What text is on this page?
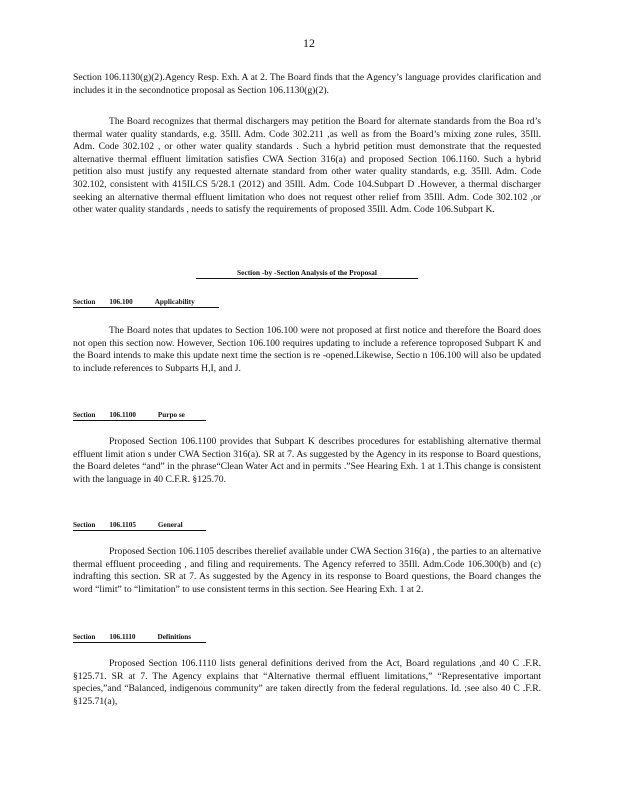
12

Section 106.1130(g)(2).Agency Resp. Exh. A at 2. The Board finds that the Agency’s language provides clarification and includes it in the secondnotice proposal as Section 106.1130(g)(2).

The Board recognizes that thermal dischargers may petition the Board for alternate standards from the Boa rd’s thermal water quality standards, e.g. 35Ill. Adm. Code 302.211 ,as well as from the Board’s mixing zone rules, 35Ill. Adm. Code 302.102 , or other water quality standards . Such a hybrid petition must demonstrate that the requested alternative thermal effluent limitation satisfies CWA Section 316(a) and proposed Section 106.1160. Such a hybrid petition also must justify any requested alternate standard from other water quality standards, e.g. 35Ill. Adm. Code 302.102, consistent with 415ILCS 5/28.1 (2012) and 35Ill. Adm. Code 104.Subpart D .However, a thermal discharger seeking an alternative thermal effluent limitation who does not request other relief from 35Ill. Adm. Code 302.102 ,or other water quality standards , needs to satisfy the requirements of proposed 35Ill. Adm. Code 106.Subpart K.

Section -by -Section Analysis of the Proposal
Section 106.100	Applicability

The Board notes that updates to Section 106.100 were not proposed at first notice and therefore the Board does not open this section now. However, Section 106.100 requires updating to include a reference toproposed Subpart K and the Board intends to make this update next time the section is re -opened.Likewise, Sectio n 106.100 will also be updated to include references to Subparts H,I, and J.

Section 106.1100	Purpo se

Proposed Section 106.1100 provides that Subpart K describes procedures for establishing alternative thermal effluent limit ation s under CWA Section 316(a). SR at 7. As suggested by the Agency in its response to Board questions, the Board deletes “and” in the phrase“Clean Water Act and in permits .”See Hearing Exh. 1 at 1.This change is consistent with the language in 40 C.F.R. §125.70.

Section 106.1105	General

Proposed Section 106.1105 describes therelief available under CWA Section 316(a) , the parties to an alternative thermal effluent proceeding , and filing and requirements. The Agency referred to 35Ill. Adm.Code 106.300(b) and (c) indrafting this section. SR at 7. As suggested by the Agency in its response to Board questions, the Board changes the word “limit” to “limitation” to use consistent terms in this section. See Hearing Exh. 1 at 2.

Section 106.1110	Definitions

Proposed Section 106.1110 lists general definitions derived from the Act, Board regulations ,and 40 C .F.R. §125.71. SR at 7. The Agency explains that “Alternative thermal effluent limitations,” “Representative important species,”and “Balanced, indigenous community” are taken directly from the federal regulations. Id. ;see also 40 C .F.R. §125.71(a),
